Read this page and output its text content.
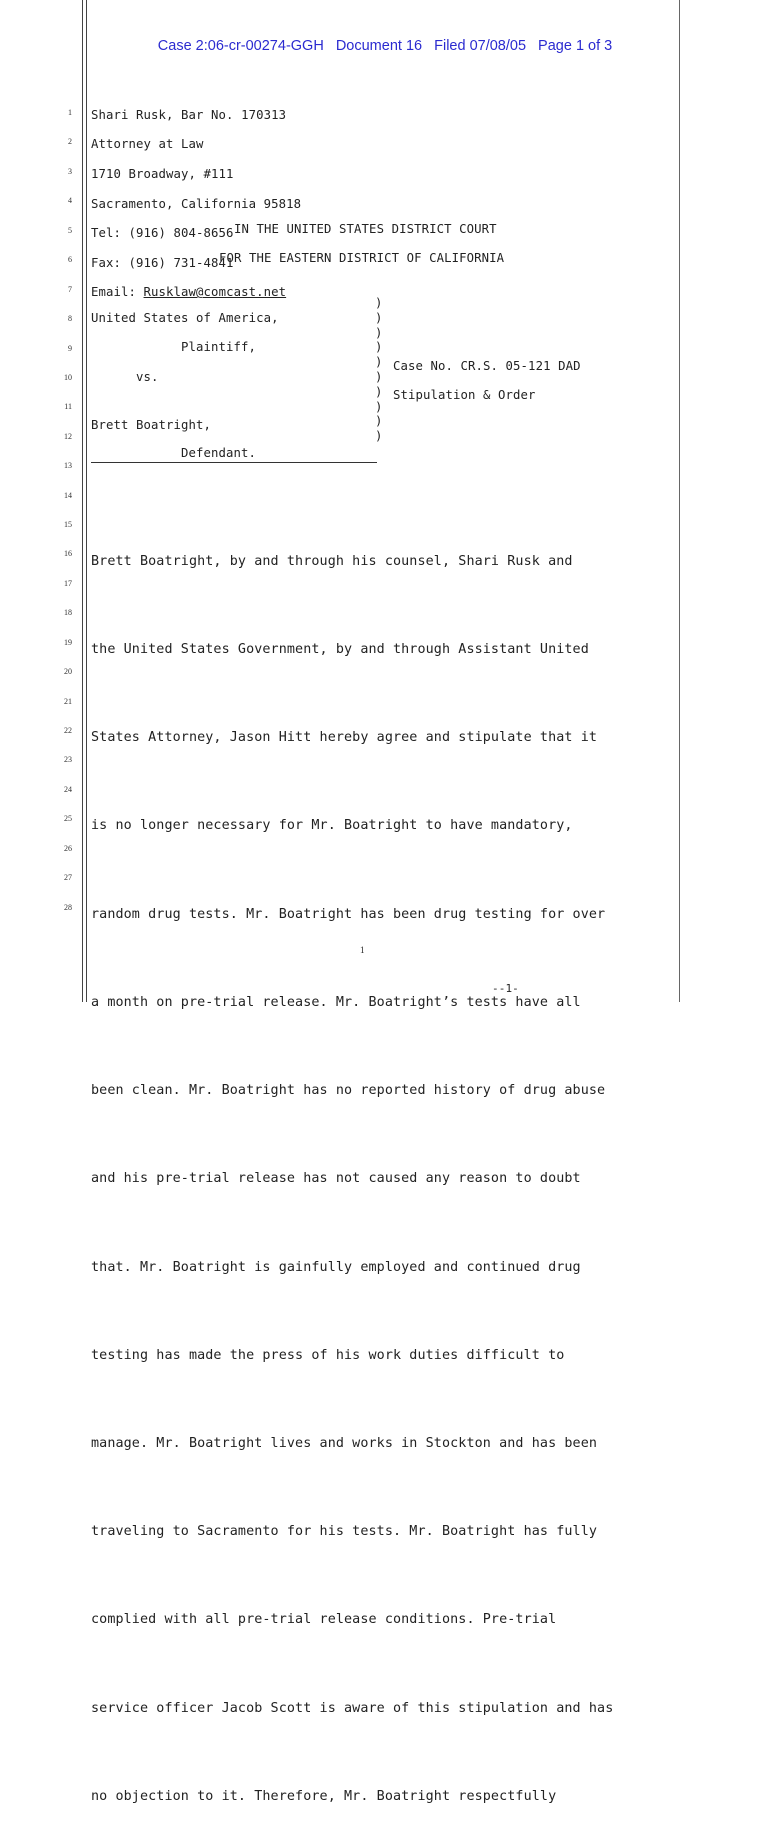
Case 2:06-cr-00274-GGH Document 16 Filed 07/08/05 Page 1 of 3
1
2
3
4
5
6
7
8
9
10
11
12
13
14
15
16
17
18
19
20
21
22
23
24
25
26
27
28

Shari Rusk, Bar No. 170313

Attorney at Law

1710 Broadway, #111

Sacramento, California 95818

Tel: (916) 804-8656

Fax: (916) 731-4841

Email: Rusklaw@comcast.net

IN THE UNITED STATES DISTRICT COURT
FOR THE EASTERN DISTRICT OF CALIFORNIA
United States of America,
Plaintiff,
vs.
Brett Boatright,
Defendant.
)
)
)
)
)
)
)
)
)
)
Case No. CR.S. 05-121 DAD
Stipulation & Order

Brett Boatright, by and through his counsel, Shari Rusk and

the United States Government, by and through Assistant United

States Attorney, Jason Hitt hereby agree and stipulate that it

is no longer necessary for Mr. Boatright to have mandatory,

random drug tests. Mr. Boatright has been drug testing for over

a month on pre-trial release. Mr. Boatright’s tests have all

been clean. Mr. Boatright has no reported history of drug abuse

and his pre-trial release has not caused any reason to doubt

that. Mr. Boatright is gainfully employed and continued drug

testing has made the press of his work duties difficult to

manage. Mr. Boatright lives and works in Stockton and has been

traveling to Sacramento for his tests. Mr. Boatright has fully

complied with all pre-trial release conditions. Pre-trial

service officer Jacob Scott is aware of this stipulation and has

no objection to it. Therefore, Mr. Boatright respectfully

1
--1-
